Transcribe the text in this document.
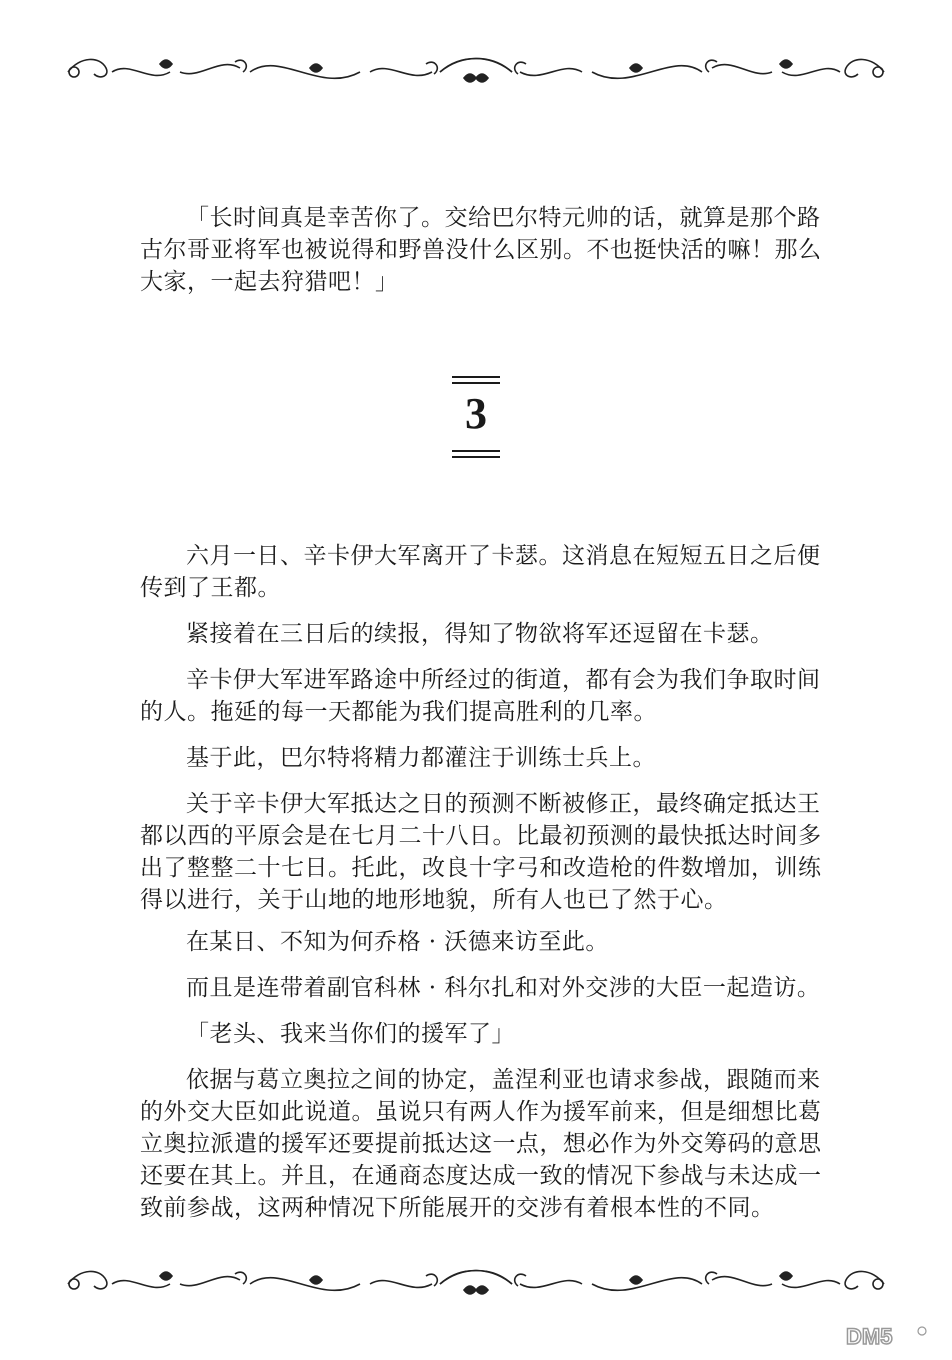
「长时间真是幸苦你了。交给巴尔特元帅的话，就算是那个路古尔哥亚将军也被说得和野兽没什么区别。不也挺快活的嘛！那么大家，一起去狩猎吧！」

3

六月一日、辛卡伊大军离开了卡瑟。这消息在短短五日之后便传到了王都。

紧接着在三日后的续报，得知了物欲将军还逗留在卡瑟。

辛卡伊大军进军路途中所经过的街道，都有会为我们争取时间的人。拖延的每一天都能为我们提高胜利的几率。

基于此，巴尔特将精力都灌注于训练士兵上。

关于辛卡伊大军抵达之日的预测不断被修正，最终确定抵达王都以西的平原会是在七月二十八日。比最初预测的最快抵达时间多出了整整二十七日。托此，改良十字弓和改造枪的件数增加，训练得以进行，关于山地的地形地貌，所有人也已了然于心。

在某日、不知为何乔格 · 沃德来访至此。

而且是连带着副官科林 · 科尔扎和对外交涉的大臣一起造访。

「老头、我来当你们的援军了」

依据与葛立奥拉之间的协定，盖涅利亚也请求参战，跟随而来的外交大臣如此说道。虽说只有两人作为援军前来，但是细想比葛立奥拉派遣的援军还要提前抵达这一点，想必作为外交筹码的意思还要在其上。并且，在通商态度达成一致的情况下参战与未达成一致前参战，这两种情况下所能展开的交涉有着根本性的不同。

DM5
